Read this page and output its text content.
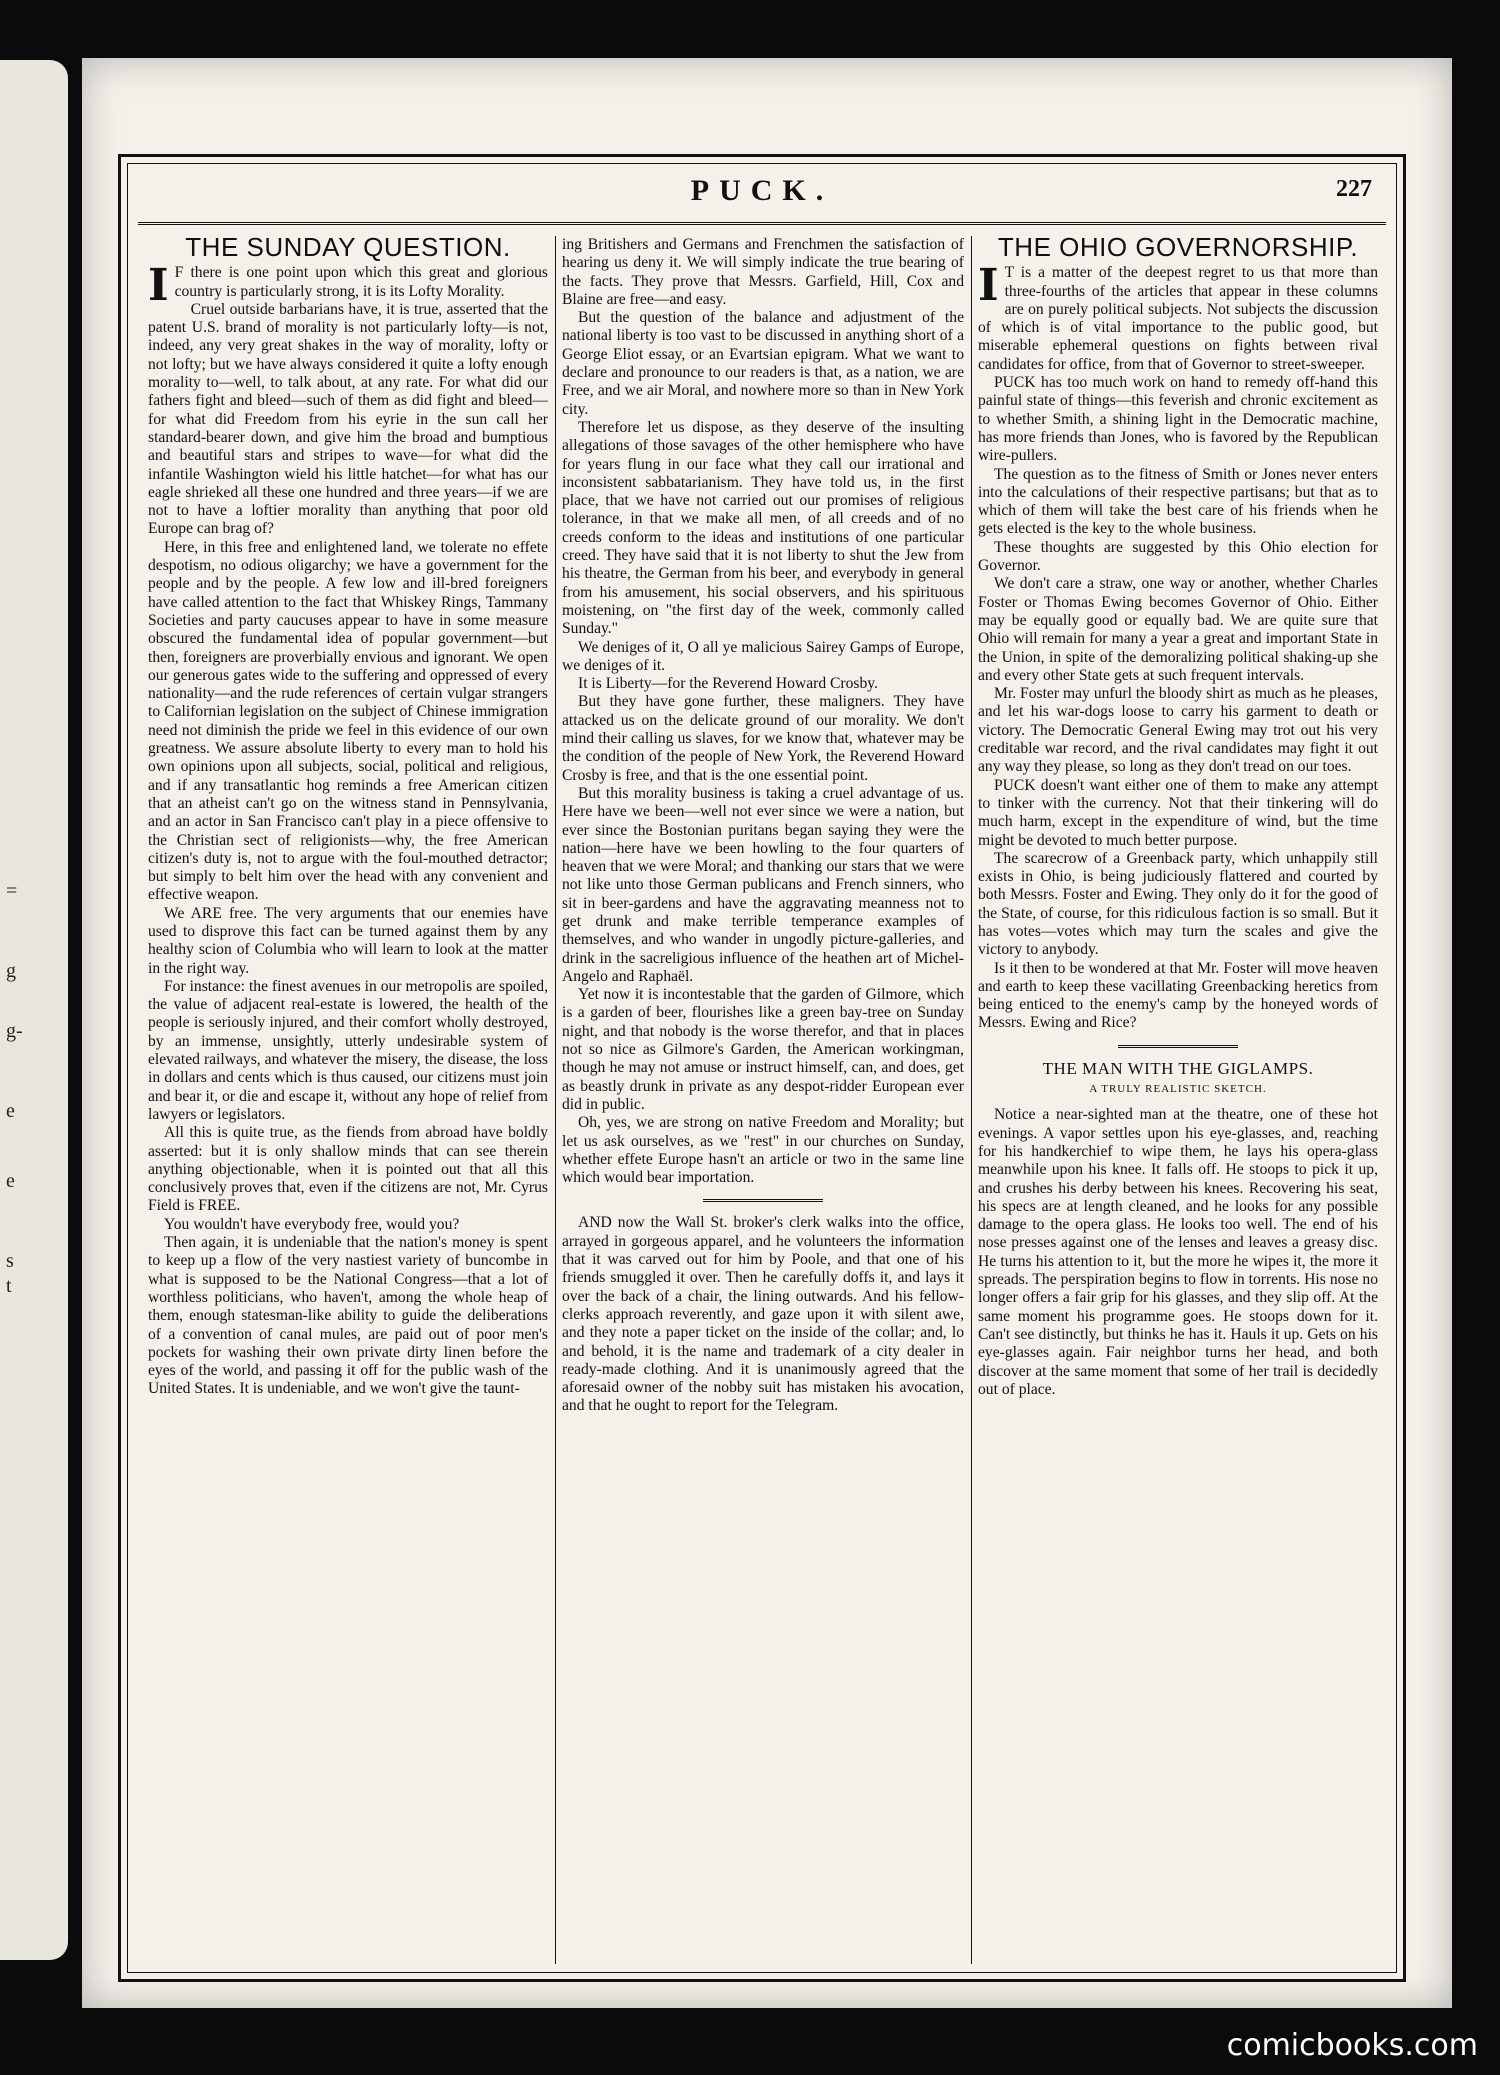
=
g
g-
e
e
s
t
PUCK.	227
THE SUNDAY QUESTION.

I F there is one point upon which this great and glorious country is particularly strong, it is its Lofty Morality.

Cruel outside barbarians have, it is true, asserted that the patent U.S. brand of morality is not particularly lofty—is not, indeed, any very great shakes in the way of morality, lofty or not lofty; but we have always considered it quite a lofty enough morality to—well, to talk about, at any rate. For what did our fathers fight and bleed—such of them as did fight and bleed—for what did Freedom from his eyrie in the sun call her standard-bearer down, and give him the broad and bumptious and beautiful stars and stripes to wave—for what did the infantile Washington wield his little hatchet—for what has our eagle shrieked all these one hundred and three years—if we are not to have a loftier morality than anything that poor old Europe can brag of?

Here, in this free and enlightened land, we tolerate no effete despotism, no odious oligarchy; we have a government for the people and by the people. A few low and ill-bred foreigners have called attention to the fact that Whiskey Rings, Tammany Societies and party caucuses appear to have in some measure obscured the fundamental idea of popular government—but then, foreigners are proverbially envious and ignorant. We open our generous gates wide to the suffering and oppressed of every nationality—and the rude references of certain vulgar strangers to Californian legislation on the subject of Chinese immigration need not diminish the pride we feel in this evidence of our own greatness. We assure absolute liberty to every man to hold his own opinions upon all subjects, social, political and religious, and if any transatlantic hog reminds a free American citizen that an atheist can't go on the witness stand in Pennsylvania, and an actor in San Francisco can't play in a piece offensive to the Christian sect of religionists—why, the free American citizen's duty is, not to argue with the foul-mouthed detractor; but simply to belt him over the head with any convenient and effective weapon.

We ARE free. The very arguments that our enemies have used to disprove this fact can be turned against them by any healthy scion of Columbia who will learn to look at the matter in the right way.

For instance: the finest avenues in our metropolis are spoiled, the value of adjacent real-estate is lowered, the health of the people is seriously injured, and their comfort wholly destroyed, by an immense, unsightly, utterly undesirable system of elevated railways, and whatever the misery, the disease, the loss in dollars and cents which is thus caused, our citizens must join and bear it, or die and escape it, without any hope of relief from lawyers or legislators.

All this is quite true, as the fiends from abroad have boldly asserted: but it is only shallow minds that can see therein anything objectionable, when it is pointed out that all this conclusively proves that, even if the citizens are not, Mr. Cyrus Field is FREE.

You wouldn't have everybody free, would you?

Then again, it is undeniable that the nation's money is spent to keep up a flow of the very nastiest variety of buncombe in what is supposed to be the National Congress—that a lot of worthless politicians, who haven't, among the whole heap of them, enough statesman-like ability to guide the deliberations of a convention of canal mules, are paid out of poor men's pockets for washing their own private dirty linen before the eyes of the world, and passing it off for the public wash of the United States. It is undeniable, and we won't give the taunt-

ing Britishers and Germans and Frenchmen the satisfaction of hearing us deny it. We will simply indicate the true bearing of the facts. They prove that Messrs. Garfield, Hill, Cox and Blaine are free—and easy.

But the question of the balance and adjustment of the national liberty is too vast to be discussed in anything short of a George Eliot essay, or an Evartsian epigram. What we want to declare and pronounce to our readers is that, as a nation, we are Free, and we air Moral, and nowhere more so than in New York city.

Therefore let us dispose, as they deserve of the insulting allegations of those savages of the other hemisphere who have for years flung in our face what they call our irrational and inconsistent sabbatarianism. They have told us, in the first place, that we have not carried out our promises of religious tolerance, in that we make all men, of all creeds and of no creeds conform to the ideas and institutions of one particular creed. They have said that it is not liberty to shut the Jew from his theatre, the German from his beer, and everybody in general from his amusement, his social observers, and his spirituous moistening, on "the first day of the week, commonly called Sunday."

We deniges of it, O all ye malicious Sairey Gamps of Europe, we deniges of it.

It is Liberty—for the Reverend Howard Crosby.

But they have gone further, these maligners. They have attacked us on the delicate ground of our morality. We don't mind their calling us slaves, for we know that, whatever may be the condition of the people of New York, the Reverend Howard Crosby is free, and that is the one essential point.

But this morality business is taking a cruel advantage of us. Here have we been—well not ever since we were a nation, but ever since the Bostonian puritans began saying they were the nation—here have we been howling to the four quarters of heaven that we were Moral; and thanking our stars that we were not like unto those German publicans and French sinners, who sit in beer-gardens and have the aggravating meanness not to get drunk and make terrible temperance examples of themselves, and who wander in ungodly picture-galleries, and drink in the sacreligious influence of the heathen art of Michel-Angelo and Raphaël.

Yet now it is incontestable that the garden of Gilmore, which is a garden of beer, flourishes like a green bay-tree on Sunday night, and that nobody is the worse therefor, and that in places not so nice as Gilmore's Garden, the American workingman, though he may not amuse or instruct himself, can, and does, get as beastly drunk in private as any despot-ridder European ever did in public.

Oh, yes, we are strong on native Freedom and Morality; but let us ask ourselves, as we "rest" in our churches on Sunday, whether effete Europe hasn't an article or two in the same line which would bear importation.

AND now the Wall St. broker's clerk walks into the office, arrayed in gorgeous apparel, and he volunteers the information that it was carved out for him by Poole, and that one of his friends smuggled it over. Then he carefully doffs it, and lays it over the back of a chair, the lining outwards. And his fellow-clerks approach reverently, and gaze upon it with silent awe, and they note a paper ticket on the inside of the collar; and, lo and behold, it is the name and trademark of a city dealer in ready-made clothing. And it is unanimously agreed that the aforesaid owner of the nobby suit has mistaken his avocation, and that he ought to report for the Telegram.

THE OHIO GOVERNORSHIP.

I T is a matter of the deepest regret to us that more than three-fourths of the articles that appear in these columns are on purely political subjects. Not subjects the discussion of which is of vital importance to the public good, but miserable ephemeral questions on fights between rival candidates for office, from that of Governor to street-sweeper.

PUCK has too much work on hand to remedy off-hand this painful state of things—this feverish and chronic excitement as to whether Smith, a shining light in the Democratic machine, has more friends than Jones, who is favored by the Republican wire-pullers.

The question as to the fitness of Smith or Jones never enters into the calculations of their respective partisans; but that as to which of them will take the best care of his friends when he gets elected is the key to the whole business.

These thoughts are suggested by this Ohio election for Governor.

We don't care a straw, one way or another, whether Charles Foster or Thomas Ewing becomes Governor of Ohio. Either may be equally good or equally bad. We are quite sure that Ohio will remain for many a year a great and important State in the Union, in spite of the demoralizing political shaking-up she and every other State gets at such frequent intervals.

Mr. Foster may unfurl the bloody shirt as much as he pleases, and let his war-dogs loose to carry his garment to death or victory. The Democratic General Ewing may trot out his very creditable war record, and the rival candidates may fight it out any way they please, so long as they don't tread on our toes.

PUCK doesn't want either one of them to make any attempt to tinker with the currency. Not that their tinkering will do much harm, except in the expenditure of wind, but the time might be devoted to much better purpose.

The scarecrow of a Greenback party, which unhappily still exists in Ohio, is being judiciously flattered and courted by both Messrs. Foster and Ewing. They only do it for the good of the State, of course, for this ridiculous faction is so small. But it has votes—votes which may turn the scales and give the victory to anybody.

Is it then to be wondered at that Mr. Foster will move heaven and earth to keep these vacillating Greenbacking heretics from being enticed to the enemy's camp by the honeyed words of Messrs. Ewing and Rice?

THE MAN WITH THE GIGLAMPS.
A TRULY REALISTIC SKETCH.

Notice a near-sighted man at the theatre, one of these hot evenings. A vapor settles upon his eye-glasses, and, reaching for his handkerchief to wipe them, he lays his opera-glass meanwhile upon his knee. It falls off. He stoops to pick it up, and crushes his derby between his knees. Recovering his seat, his specs are at length cleaned, and he looks for any possible damage to the opera glass. He looks too well. The end of his nose presses against one of the lenses and leaves a greasy disc. He turns his attention to it, but the more he wipes it, the more it spreads. The perspiration begins to flow in torrents. His nose no longer offers a fair grip for his glasses, and they slip off. At the same moment his programme goes. He stoops down for it. Can't see distinctly, but thinks he has it. Hauls it up. Gets on his eye-glasses again. Fair neighbor turns her head, and both discover at the same moment that some of her trail is decidedly out of place.

comicbooks.com
